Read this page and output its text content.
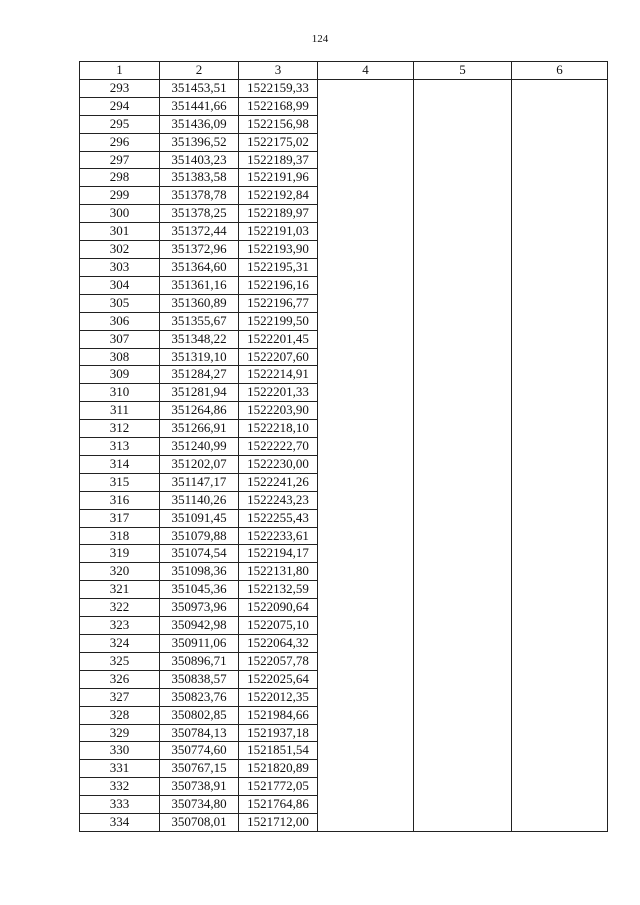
124
1	2	3	4	5	6
293	351453,51	1522159,33			
294	351441,66	1522168,99			
295	351436,09	1522156,98			
296	351396,52	1522175,02			
297	351403,23	1522189,37			
298	351383,58	1522191,96			
299	351378,78	1522192,84			
300	351378,25	1522189,97			
301	351372,44	1522191,03			
302	351372,96	1522193,90			
303	351364,60	1522195,31			
304	351361,16	1522196,16			
305	351360,89	1522196,77			
306	351355,67	1522199,50			
307	351348,22	1522201,45			
308	351319,10	1522207,60			
309	351284,27	1522214,91			
310	351281,94	1522201,33			
311	351264,86	1522203,90			
312	351266,91	1522218,10			
313	351240,99	1522222,70			
314	351202,07	1522230,00			
315	351147,17	1522241,26			
316	351140,26	1522243,23			
317	351091,45	1522255,43			
318	351079,88	1522233,61			
319	351074,54	1522194,17			
320	351098,36	1522131,80			
321	351045,36	1522132,59			
322	350973,96	1522090,64			
323	350942,98	1522075,10			
324	350911,06	1522064,32			
325	350896,71	1522057,78			
326	350838,57	1522025,64			
327	350823,76	1522012,35			
328	350802,85	1521984,66			
329	350784,13	1521937,18			
330	350774,60	1521851,54			
331	350767,15	1521820,89			
332	350738,91	1521772,05			
333	350734,80	1521764,86			
334	350708,01	1521712,00			
